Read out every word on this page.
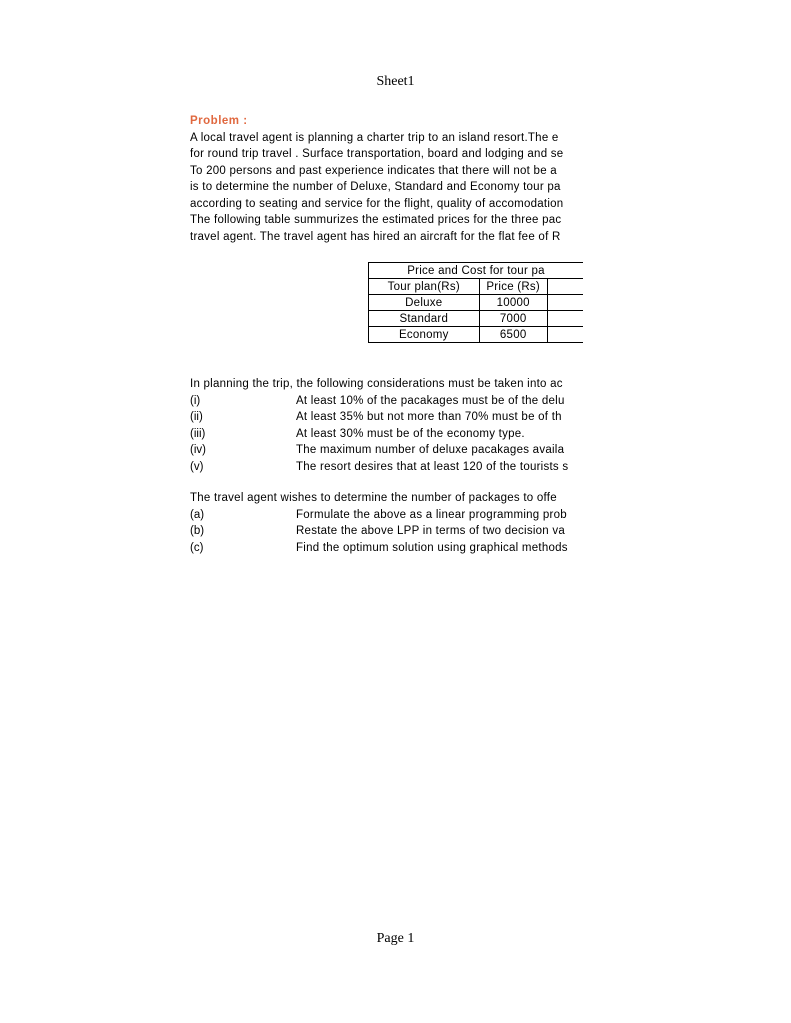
Sheet1
Problem :
A local travel agent is planning a charter trip to an island resort.The e
for round trip travel . Surface transportation, board and lodging and se
To 200 persons and past experience indicates that there will not be a
is to determine the number of Deluxe, Standard and Economy tour pa
according to seating and service for the flight, quality of accomodation
The following table summurizes the estimated prices for the three pac
travel agent. The travel agent has hired an aircraft for the flat fee of R
Price and Cost for tour pa		
Tour plan(Rs)	Price (Rs)	
Deluxe	10000	
Standard	7000	
Economy	6500	
In planning the trip, the following considerations must be taken into ac
(i)	At least 10% of the pacakages must be of the delu
(ii)	At least 35% but not more than 70% must be of th
(iii)	At least 30% must be of the economy type.
(iv)	The maximum number of deluxe pacakages availa
(v)	The resort desires that at least 120 of the tourists s
The travel agent wishes to determine the number of packages to offe
(a)	Formulate the above as a linear programming prob
(b)	Restate the above LPP in terms of two decision va
(c)	Find the optimum solution using graphical methods
Page 1
